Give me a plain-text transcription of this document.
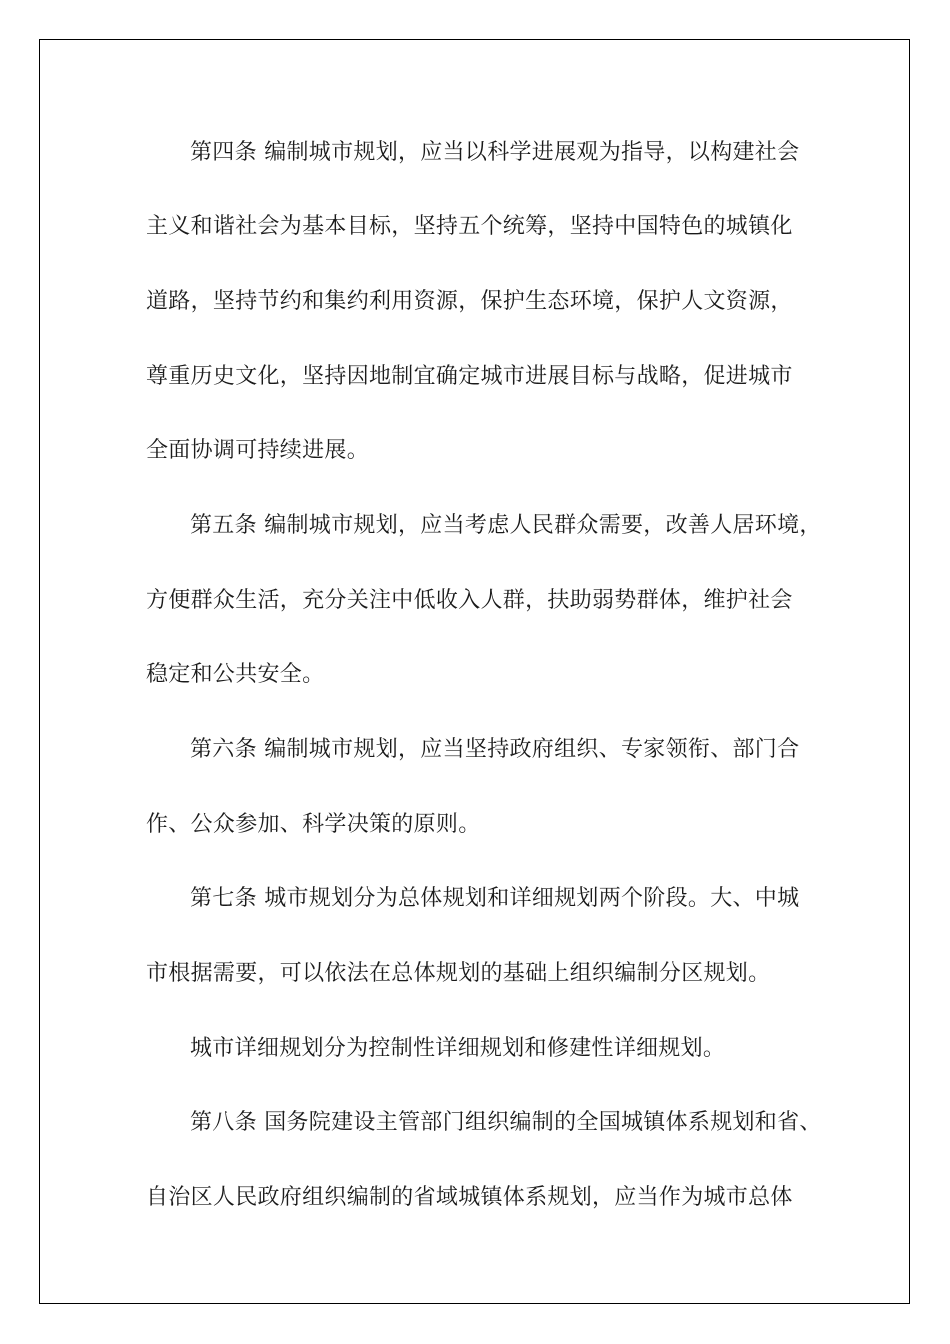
第四条 编制城市规划，应当以科学进展观为指导，以构建社会
主义和谐社会为基本目标，坚持五个统筹，坚持中国特色的城镇化
道路，坚持节约和集约利用资源，保护生态环境，保护人文资源，
尊重历史文化，坚持因地制宜确定城市进展目标与战略，促进城市
全面协调可持续进展。
第五条 编制城市规划，应当考虑人民群众需要，改善人居环境，
方便群众生活，充分关注中低收入人群，扶助弱势群体，维护社会
稳定和公共安全。
第六条 编制城市规划，应当坚持政府组织、专家领衔、部门合
作、公众参加、科学决策的原则。
第七条 城市规划分为总体规划和详细规划两个阶段。大、中城
市根据需要，可以依法在总体规划的基础上组织编制分区规划。
城市详细规划分为控制性详细规划和修建性详细规划。
第八条 国务院建设主管部门组织编制的全国城镇体系规划和省、
自治区人民政府组织编制的省域城镇体系规划，应当作为城市总体
